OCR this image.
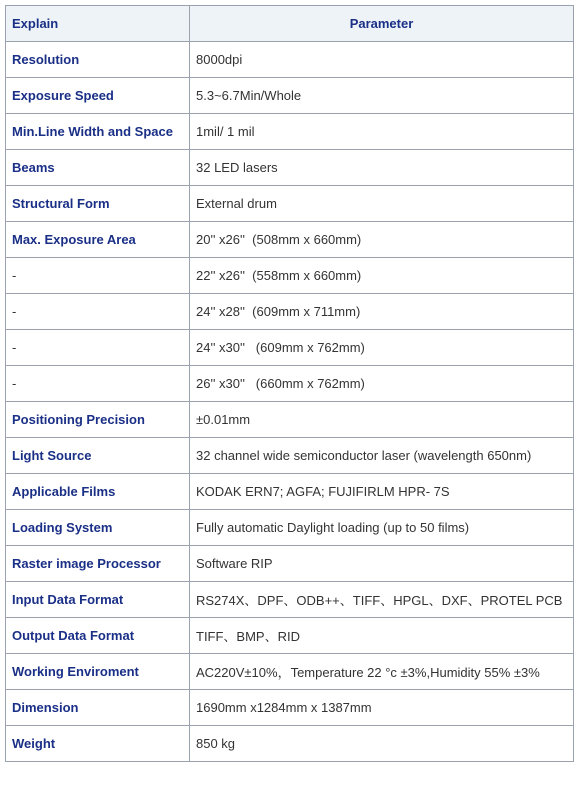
Explain	Parameter
Resolution	8000dpi
Exposure Speed	5.3~6.7Min/Whole
Min.Line Width and Space	1mil/ 1 mil
Beams	32 LED lasers
Structural Form	External drum
Max. Exposure Area	20'' x26''  (508mm x 660mm)
-	22'' x26''  (558mm x 660mm)
-	24'' x28''  (609mm x 711mm)
-	24'' x30''   (609mm x 762mm)
-	26'' x30''   (660mm x 762mm)
Positioning Precision	±0.01mm
Light Source	32 channel wide semiconductor laser (wavelength 650nm)
Applicable Films	KODAK ERN7; AGFA; FUJIFIRLM HPR- 7S
Loading System	Fully automatic Daylight loading (up to 50 films)
Raster image Processor	Software RIP
Input Data Format	RS274X、DPF、ODB++、TIFF、HPGL、DXF、PROTEL PCB
Output Data Format	TIFF、BMP、RID
Working Enviroment	AC220V±10%，Temperature 22 °c ±3%,Humidity 55% ±3%
Dimension	1690mm x1284mm x 1387mm
Weight	850 kg
